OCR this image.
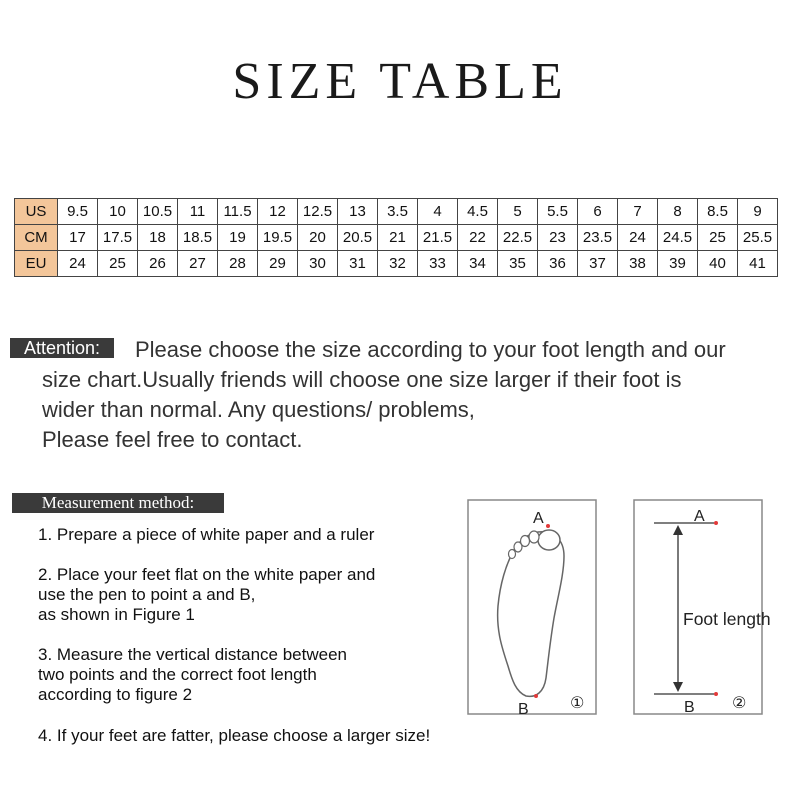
SIZE TABLE
US	9.5	10	10.5	11	11.5	12	12.5	13	3.5	4	4.5	5	5.5	6	7	8	8.5	9
CM	17	17.5	18	18.5	19	19.5	20	20.5	21	21.5	22	22.5	23	23.5	24	24.5	25	25.5
EU	24	25	26	27	28	29	30	31	32	33	34	35	36	37	38	39	40	41
Attention:	Please choose the size according to your foot length and our
size chart.Usually friends will choose one size larger if their foot is
wider than normal. Any questions/ problems,
Please feel free to contact.
Measurement method:
1. Prepare a piece of white paper and a ruler
2. Place your feet flat on the white paper and
use the pen to point a and B,
as shown in Figure 1
3. Measure the vertical distance between
two points and the correct foot length
according to figure 2
4. If your feet are fatter, please choose a larger size!
A
B	①
A
B
Foot length
②
